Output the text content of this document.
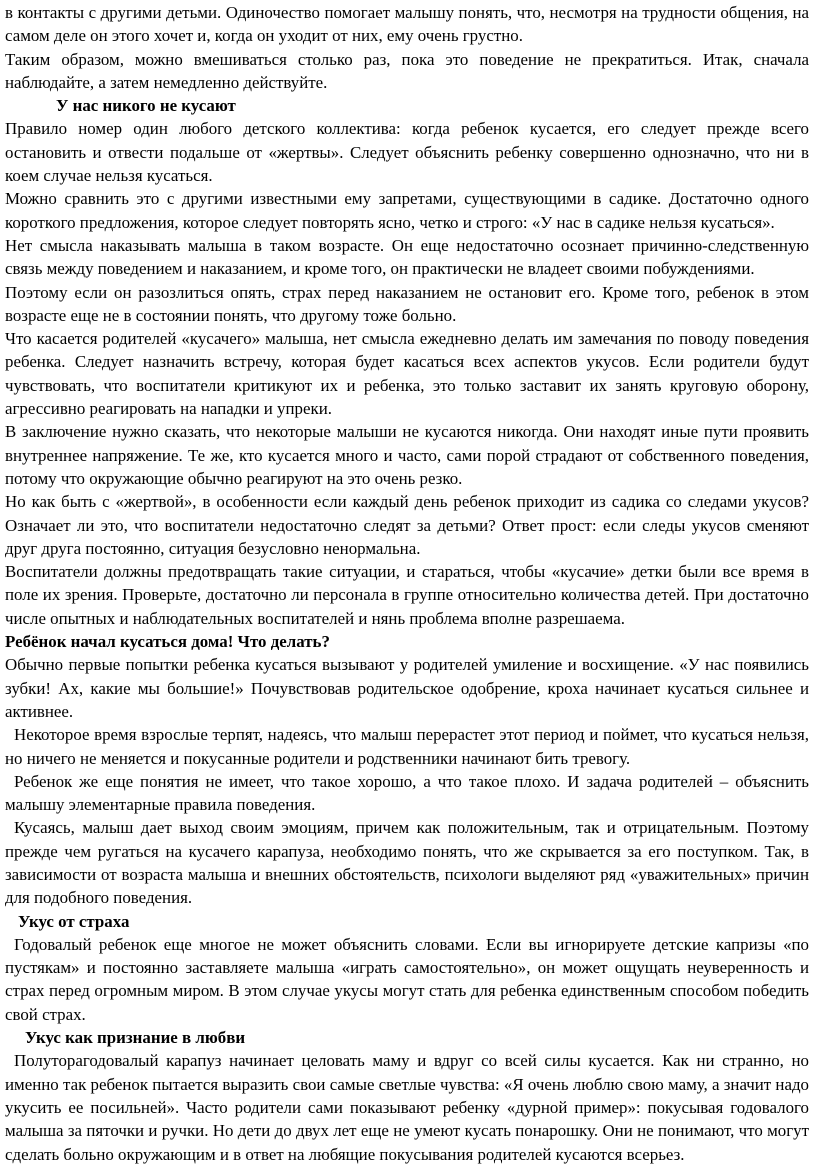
в контакты с другими детьми. Одиночество помогает малышу понять, что, несмотря на трудности общения, на самом деле он этого хочет и, когда он уходит от них, ему очень грустно.

Таким образом, можно вмешиваться столько раз, пока это поведение не прекратиться. Итак, сначала наблюдайте, а затем немедленно действуйте.

У нас никого не кусают

Правило номер один любого детского коллектива: когда ребенок кусается, его следует прежде всего остановить и отвести подальше от «жертвы». Следует объяснить ребенку совершенно однозначно, что ни в коем случае нельзя кусаться.

Можно сравнить это с другими известными ему запретами, существующими в садике. Достаточно одного короткого предложения, которое следует повторять ясно, четко и строго: «У нас в садике нельзя кусаться».

Нет смысла наказывать малыша в таком возрасте. Он еще недостаточно осознает причинно-следственную связь между поведением и наказанием, и кроме того, он практически не владеет своими побуждениями.

Поэтому если он разозлиться опять, страх перед наказанием не остановит его. Кроме того, ребенок в этом возрасте еще не в состоянии понять, что другому тоже больно.

Что касается родителей «кусачего» малыша, нет смысла ежедневно делать им замечания по поводу поведения ребенка. Следует назначить встречу, которая будет касаться всех аспектов укусов. Если родители будут чувствовать, что воспитатели критикуют их и ребенка, это только заставит их занять круговую оборону, агрессивно реагировать на нападки и упреки.

В заключение нужно сказать, что некоторые малыши не кусаются никогда. Они находят иные пути проявить внутреннее напряжение. Те же, кто кусается много и часто, сами порой страдают от собственного поведения, потому что окружающие обычно реагируют на это очень резко.

Но как быть с «жертвой», в особенности если каждый день ребенок приходит из садика со следами укусов? Означает ли это, что воспитатели недостаточно следят за детьми? Ответ прост: если следы укусов сменяют друг друга постоянно, ситуация безусловно ненормальна.

Воспитатели должны предотвращать такие ситуации, и стараться, чтобы «кусачие» детки были все время в поле их зрения. Проверьте, достаточно ли персонала в группе относительно количества детей. При достаточно числе опытных и наблюдательных воспитателей и нянь проблема вполне разрешаема.

Ребёнок начал кусаться дома! Что делать?

Обычно первые попытки ребенка кусаться вызывают у родителей умиление и восхищение. «У нас появились зубки! Ах, какие мы большие!» Почувствовав родительское одобрение, кроха начинает кусаться сильнее и активнее.

Некоторое время взрослые терпят, надеясь, что малыш перерастет этот период и поймет, что кусаться нельзя, но ничего не меняется и покусанные родители и родственники начинают бить тревогу.

Ребенок же еще понятия не имеет, что такое хорошо, а что такое плохо. И задача родителей – объяснить малышу элементарные правила поведения.

Кусаясь, малыш дает выход своим эмоциям, причем как положительным, так и отрицательным. Поэтому прежде чем ругаться на кусачего карапуза, необходимо понять, что же скрывается за его поступком. Так, в зависимости от возраста малыша и внешних обстоятельств, психологи выделяют ряд «уважительных» причин для подобного поведения.

Укус от страха

Годовалый ребенок еще многое не может объяснить словами. Если вы игнорируете детские капризы «по пустякам» и постоянно заставляете малыша «играть самостоятельно», он может ощущать неуверенность и страх перед огромным миром. В этом случае укусы могут стать для ребенка единственным способом победить свой страх.

Укус как признание в любви

Полуторагодовалый карапуз начинает целовать маму и вдруг со всей силы кусается. Как ни странно, но именно так ребенок пытается выразить свои самые светлые чувства: «Я очень люблю свою маму, а значит надо укусить ее посильней». Часто родители сами показывают ребенку «дурной пример»: покусывая годовалого малыша за пяточки и ручки. Но дети до двух лет еще не умеют кусать понарошку. Они не понимают, что могут сделать больно окружающим и в ответ на любящие покусывания родителей кусаются всерьез.
